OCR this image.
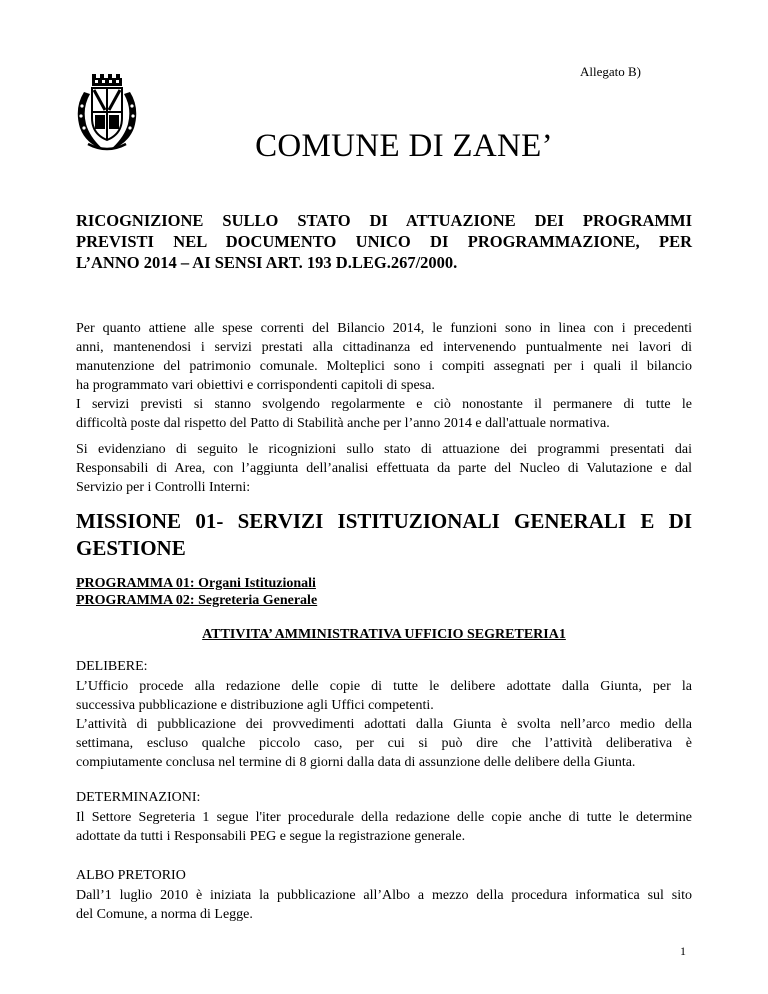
Allegato B)
COMUNE DI ZANE’
RICOGNIZIONE SULLO STATO DI ATTUAZIONE DEI PROGRAMMI
PREVISTI NEL DOCUMENTO UNICO DI PROGRAMMAZIONE, PER
L’ANNO 2014 – AI SENSI ART. 193 D.LEG.267/2000.
Per quanto attiene alle spese correnti del Bilancio 2014, le funzioni sono in linea con i precedenti
anni, mantenendosi i servizi prestati alla cittadinanza ed intervenendo puntualmente nei lavori di
manutenzione del patrimonio comunale. Molteplici sono i compiti assegnati per i quali il bilancio
ha programmato vari obiettivi e corrispondenti capitoli di spesa.
I servizi previsti si stanno svolgendo regolarmente e ciò nonostante il permanere di tutte le
difficoltà poste dal rispetto del Patto di Stabilità anche per l’anno 2014 e dall'attuale normativa.
Si evidenziano di seguito le ricognizioni sullo stato di attuazione dei programmi presentati dai
Responsabili di Area, con l’aggiunta dell’analisi effettuata da parte del Nucleo di Valutazione e dal
Servizio per i Controlli Interni:
MISSIONE 01- SERVIZI ISTITUZIONALI GENERALI E DI
GESTIONE
PROGRAMMA 01: Organi Istituzionali
PROGRAMMA 02: Segreteria Generale
ATTIVITA’ AMMINISTRATIVA UFFICIO SEGRETERIA1
DELIBERE:
L’Ufficio procede alla redazione delle copie di tutte le delibere adottate dalla Giunta, per la
successiva pubblicazione e distribuzione agli Uffici competenti.
L’attività di pubblicazione dei provvedimenti adottati dalla Giunta è svolta nell’arco medio della
settimana, escluso qualche piccolo caso, per cui si può dire che l’attività deliberativa è
compiutamente conclusa nel termine di 8 giorni dalla data di assunzione delle delibere della Giunta.
DETERMINAZIONI:
Il Settore Segreteria 1 segue l'iter procedurale della redazione delle copie anche di tutte le determine
adottate da tutti i Responsabili PEG e segue la registrazione generale.
ALBO PRETORIO
Dall’1 luglio 2010 è iniziata la pubblicazione all’Albo a mezzo della procedura informatica sul sito
del Comune, a norma di Legge.
1
